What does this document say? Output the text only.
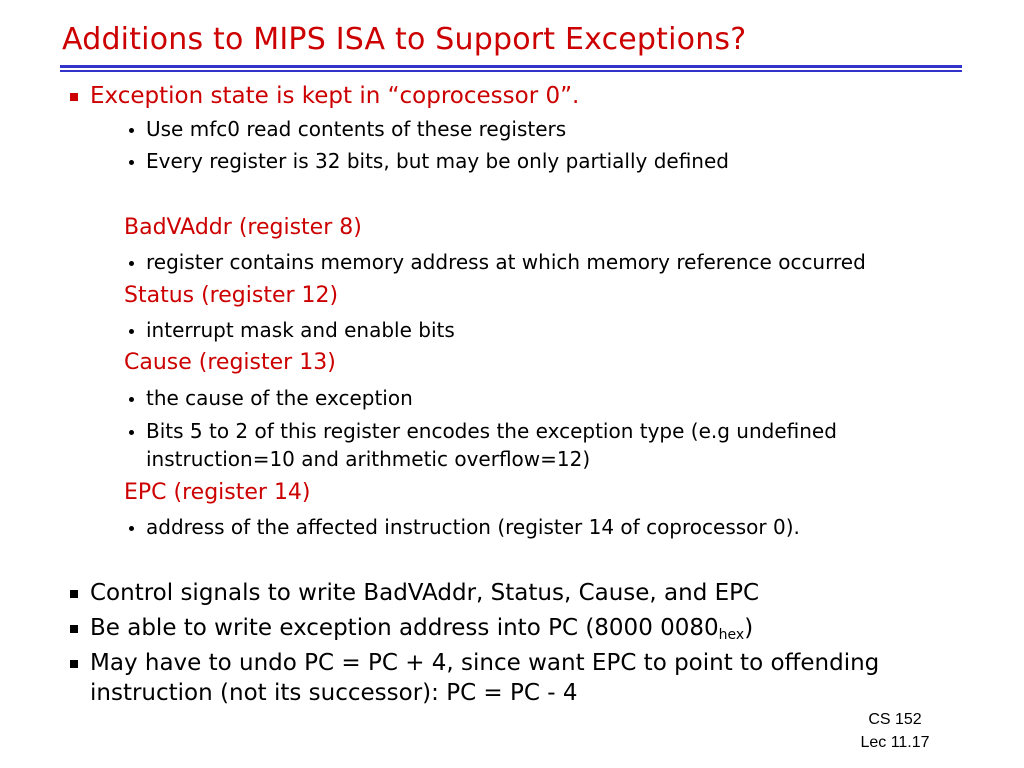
Additions to MIPS ISA to Support Exceptions?
Exception state is kept in “coprocessor 0”.
Use mfc0 read contents of these registers
Every register is 32 bits, but may be only partially defined
BadVAddr (register 8)
register contains memory address at which memory reference occurred
Status (register 12)
interrupt mask and enable bits
Cause (register 13)
the cause of the exception
Bits 5 to 2 of this register encodes the exception type (e.g undefined
instruction=10 and arithmetic overflow=12)
EPC (register 14)
address of the affected instruction (register 14 of coprocessor 0).
Control signals to write BadVAddr, Status, Cause, and EPC
Be able to write exception address into PC (8000 $0080_{hex}$)
May have to undo PC = PC + 4, since want EPC to point to offending
instruction (not its successor): PC = PC - 4
CS 152
Lec 11.17
